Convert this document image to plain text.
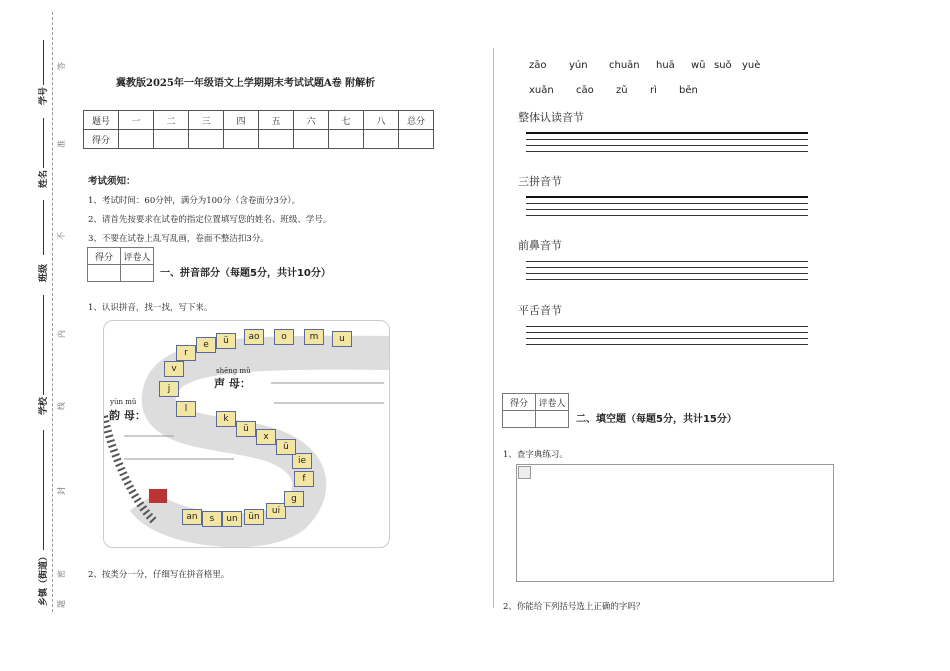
学号
姓名
班级
学校
乡镇（街道）
答
准
不
内
线
封
密
题
冀教版2025年一年级语文上学期期末考试试题A卷 附解析
题号	一	二	三	四	五	六	七	八	总分
得分									
考试须知：
1、考试时间：60分钟，满分为100分（含卷面分3分）。
2、请首先按要求在试卷的指定位置填写您的姓名、班级、学号。
3、不要在试卷上乱写乱画，卷面不整洁扣3分。
得分	评卷人

一、拼音部分（每题5分，共计10分）
1、认识拼音，找一找，写下来。
shēng mǔ
声 母：
yùn mǔ
韵 母：
an	s	un	ün
ui
g
f
ie
ü
x
ü
k
l
j
v
r
e	ü	ao	o	m	u
2、按类分一分，仔细写在拼音格里。
zāo yún chuān huā wǔ suǒ yuè
xuǎn cāo zǔ rì bēn
整体认读音节
三拼音节
前鼻音节
平舌音节
得分	评卷人

二、填空题（每题5分，共计15分）
1、查字典练习。
2、你能给下列括号选上正确的字吗？
